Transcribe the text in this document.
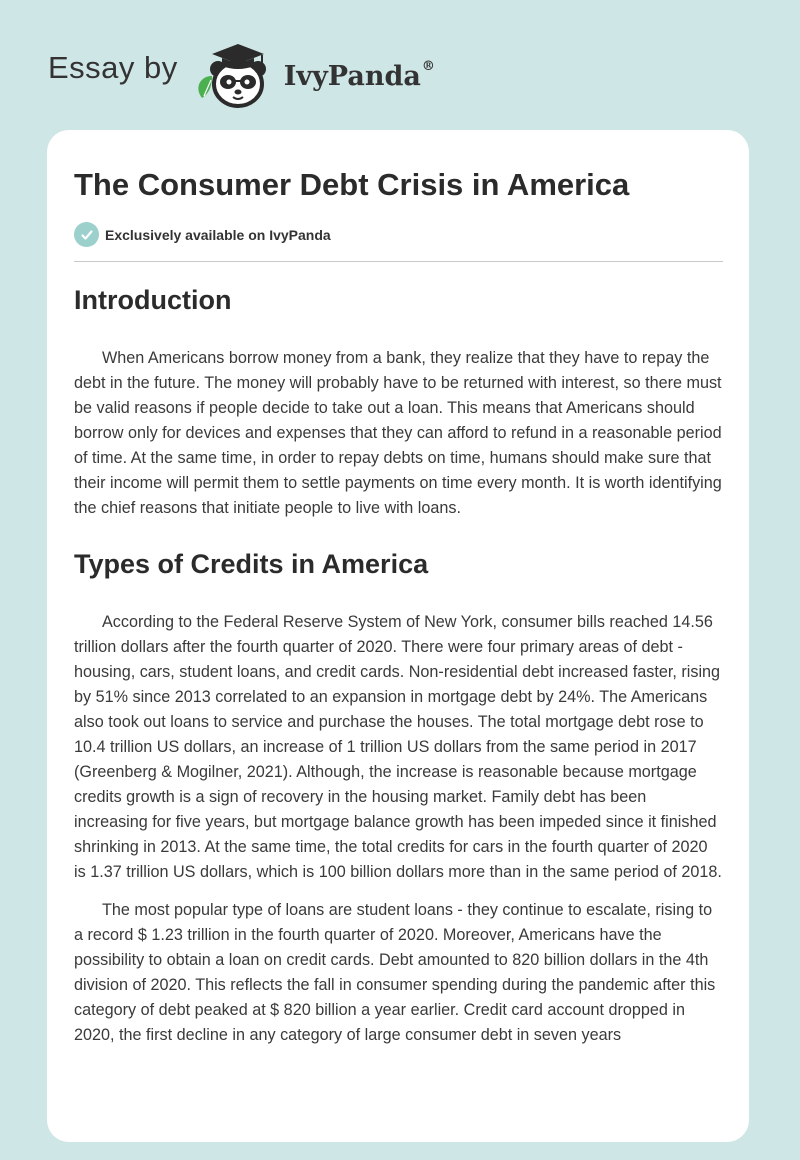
Essay by	IvyPanda®
The Consumer Debt Crisis in America
Exclusively available on IvyPanda
Introduction

When Americans borrow money from a bank, they realize that they have to repay the debt in the future. The money will probably have to be returned with interest, so there must be valid reasons if people decide to take out a loan. This means that Americans should borrow only for devices and expenses that they can afford to refund in a reasonable period of time. At the same time, in order to repay debts on time, humans should make sure that their income will permit them to settle payments on time every month. It is worth identifying the chief reasons that initiate people to live with loans.

Types of Credits in America

According to the Federal Reserve System of New York, consumer bills reached 14.56 trillion dollars after the fourth quarter of 2020. There were four primary areas of debt - housing, cars, student loans, and credit cards. Non-residential debt increased faster, rising by 51% since 2013 correlated to an expansion in mortgage debt by 24%. The Americans also took out loans to service and purchase the houses. The total mortgage debt rose to 10.4 trillion US dollars, an increase of 1 trillion US dollars from the same period in 2017 (Greenberg & Mogilner, 2021). Although, the increase is reasonable because mortgage credits growth is a sign of recovery in the housing market. Family debt has been increasing for five years, but mortgage balance growth has been impeded since it finished shrinking in 2013. At the same time, the total credits for cars in the fourth quarter of 2020 is 1.37 trillion US dollars, which is 100 billion dollars more than in the same period of 2018.

The most popular type of loans are student loans - they continue to escalate, rising to a record $ 1.23 trillion in the fourth quarter of 2020. Moreover, Americans have the possibility to obtain a loan on credit cards. Debt amounted to 820 billion dollars in the 4th division of 2020. This reflects the fall in consumer spending during the pandemic after this category of debt peaked at $ 820 billion a year earlier. Credit card account dropped in 2020, the first decline in any category of large consumer debt in seven years
